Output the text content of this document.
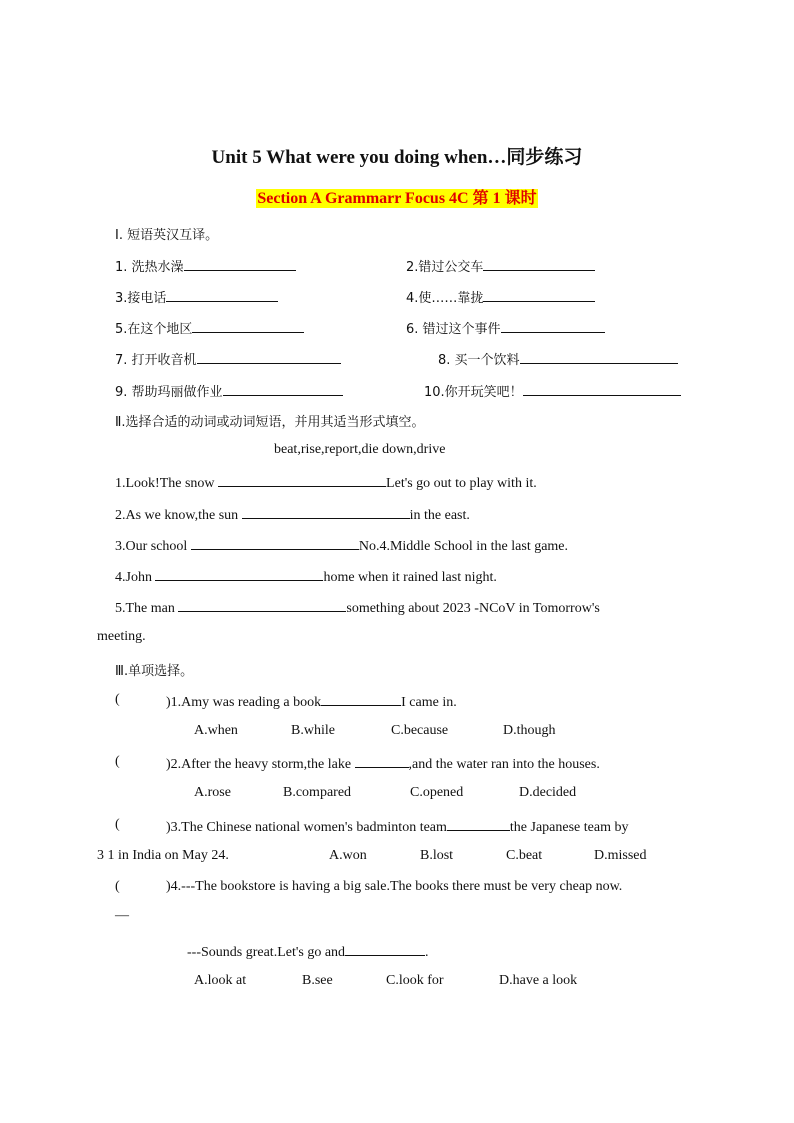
Unit 5 What were you doing when…同步练习
Section A Grammarr Focus 4C 第 1 课时
I. 短语英汉互译。
1. 洗热水澡	2.错过公交车
3.接电话	4.使……靠拢
5.在这个地区	6. 错过这个事件
7. 打开收音机	8. 买一个饮料
9. 帮助玛丽做作业	10.你开玩笑吧！
Ⅱ.选择合适的动词或动词短语，并用其适当形式填空。
beat,rise,report,die down,drive
1.Look!The snow	Let's go out to play with it.
2.As we know,the sun	in the east.
3.Our school	No.4.Middle School in the last game.
4.John	home when it rained last night.
5.The man	something about 2023 -NCoV in Tomorrow's
meeting.
Ⅲ.单项选择。
(	)1.Amy was reading a book	I came in.
A.when	B.while	C.because	D.though
(	)2.After the heavy storm,the lake	,and the water ran into the houses.
A.rose	B.compared	C.opened	D.decided
(	)3.The Chinese national women's badminton team	the Japanese team by
3 1 in India on May 24.	A.won	B.lost	C.beat	D.missed
(	)4.---The bookstore is having a big sale.The books there must be very cheap now.
—
---Sounds great.Let's go and	.
A.look at	B.see	C.look for	D.have a look
